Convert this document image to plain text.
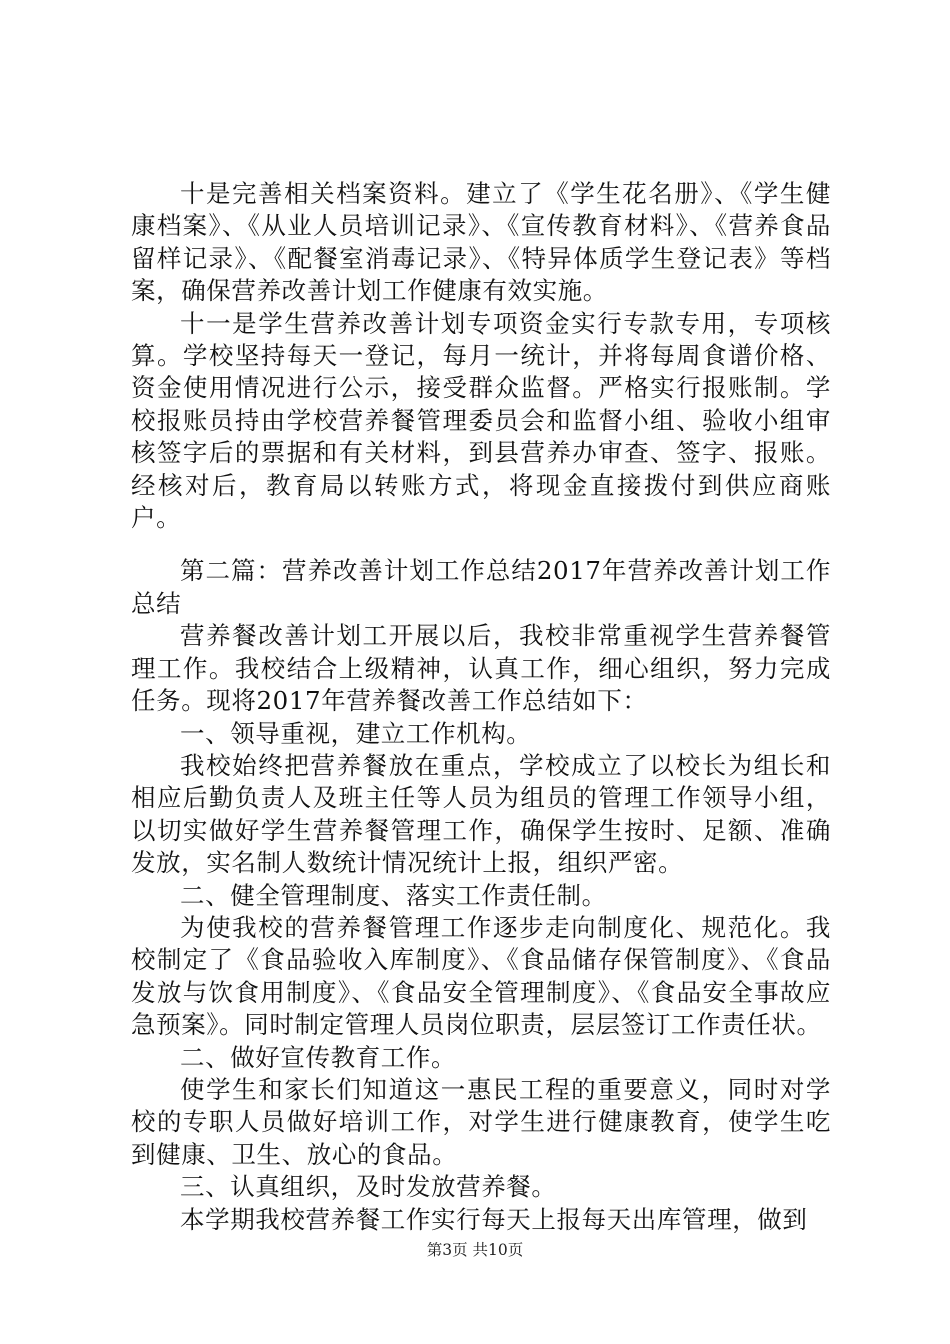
十是完善相关档案资料。建立了《学生花名册》、《学生健康档案》、《从业人员培训记录》、《宣传教育材料》、《营养食品留样记录》、《配餐室消毒记录》、《特异体质学生登记表》等档案，确保营养改善计划工作健康有效实施。

十一是学生营养改善计划专项资金实行专款专用，专项核算。学校坚持每天一登记，每月一统计，并将每周食谱价格、资金使用情况进行公示，接受群众监督。严格实行报账制。学校报账员持由学校营养餐管理委员会和监督小组、验收小组审核签字后的票据和有关材料，到县营养办审查、签字、报账。经核对后，教育局以转账方式，将现金直接拨付到供应商账户。

第二篇：营养改善计划工作总结2017年营养改善计划工作总结

营养餐改善计划工开展以后，我校非常重视学生营养餐管理工作。我校结合上级精神，认真工作，细心组织，努力完成任务。现将2017年营养餐改善工作总结如下：

一、领导重视，建立工作机构。

我校始终把营养餐放在重点，学校成立了以校长为组长和相应后勤负责人及班主任等人员为组员的管理工作领导小组，以切实做好学生营养餐管理工作，确保学生按时、足额、准确发放，实名制人数统计情况统计上报，组织严密。

二、健全管理制度、落实工作责任制。

为使我校的营养餐管理工作逐步走向制度化、规范化。我校制定了《食品验收入库制度》、《食品储存保管制度》、《食品发放与饮食用制度》、《食品安全管理制度》、《食品安全事故应急预案》。同时制定管理人员岗位职责，层层签订工作责任状。

二、做好宣传教育工作。

使学生和家长们知道这一惠民工程的重要意义，同时对学校的专职人员做好培训工作，对学生进行健康教育，使学生吃到健康、卫生、放心的食品。

三、认真组织，及时发放营养餐。

本学期我校营养餐工作实行每天上报每天出库管理，做到

第3页 共10页
